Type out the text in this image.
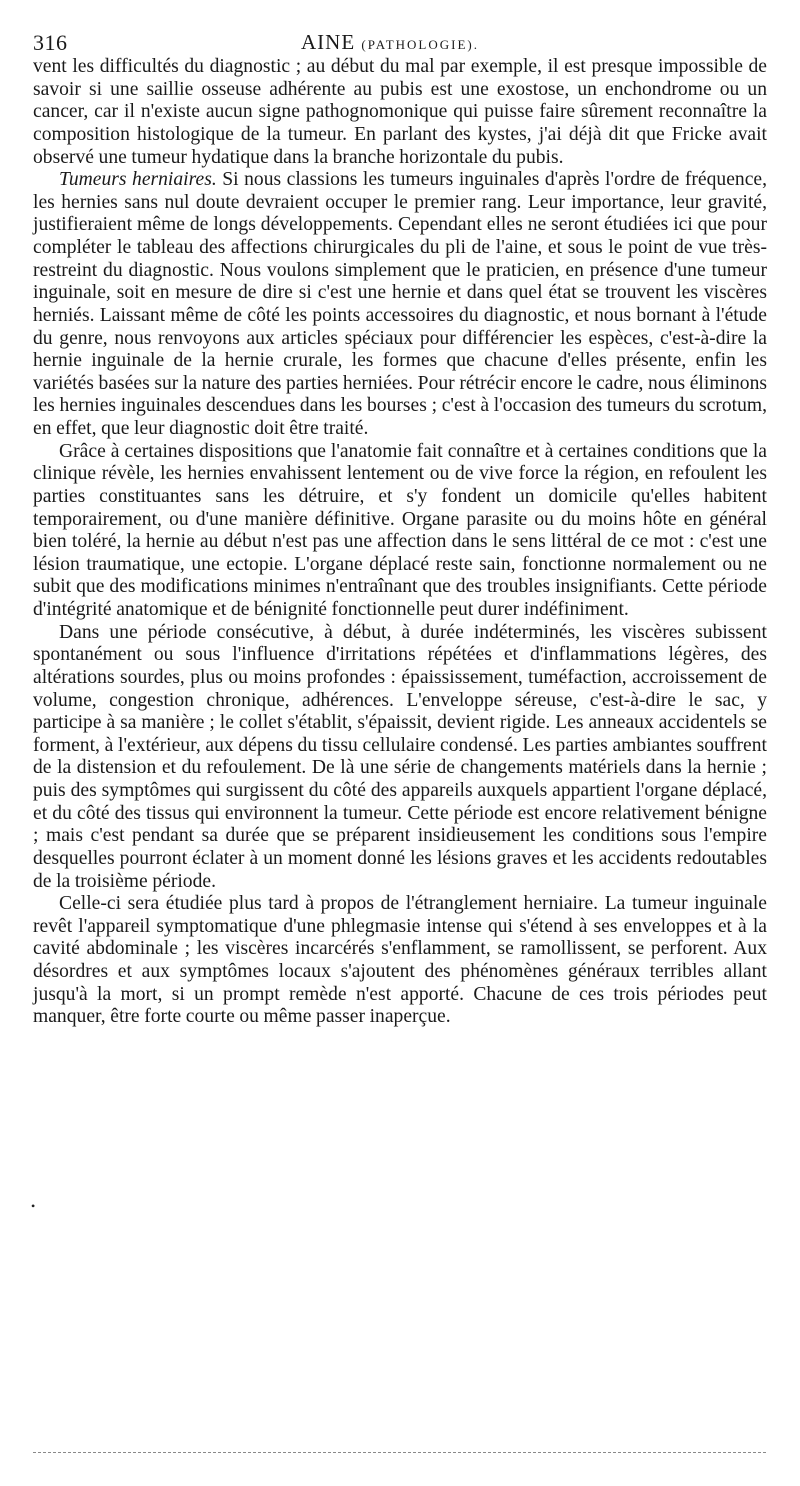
316	AINE (PATHOLOGIE).

vent les difficultés du diagnostic ; au début du mal par exemple, il est presque impossible de savoir si une saillie osseuse adhérente au pubis est une exostose, un enchondrome ou un cancer, car il n'existe aucun signe pathognomonique qui puisse faire sûrement reconnaître la composition histologique de la tumeur. En parlant des kystes, j'ai déjà dit que Fricke avait observé une tumeur hydatique dans la branche horizontale du pubis.

Tumeurs herniaires. Si nous classions les tumeurs inguinales d'après l'ordre de fréquence, les hernies sans nul doute devraient occuper le premier rang. Leur importance, leur gravité, justifieraient même de longs développements. Cependant elles ne seront étudiées ici que pour compléter le tableau des affections chirurgicales du pli de l'aine, et sous le point de vue très-restreint du diagnostic. Nous voulons simplement que le praticien, en présence d'une tumeur inguinale, soit en mesure de dire si c'est une hernie et dans quel état se trouvent les viscères herniés. Laissant même de côté les points accessoires du diagnostic, et nous bornant à l'étude du genre, nous renvoyons aux articles spéciaux pour différencier les espèces, c'est-à-dire la hernie inguinale de la hernie crurale, les formes que chacune d'elles présente, enfin les variétés basées sur la nature des parties herniées. Pour rétrécir encore le cadre, nous éliminons les hernies inguinales descendues dans les bourses ; c'est à l'occasion des tumeurs du scrotum, en effet, que leur diagnostic doit être traité.

Grâce à certaines dispositions que l'anatomie fait connaître et à certaines conditions que la clinique révèle, les hernies envahissent lentement ou de vive force la région, en refoulent les parties constituantes sans les détruire, et s'y fondent un domicile qu'elles habitent temporairement, ou d'une manière définitive. Organe parasite ou du moins hôte en général bien toléré, la hernie au début n'est pas une affection dans le sens littéral de ce mot : c'est une lésion traumatique, une ectopie. L'organe déplacé reste sain, fonctionne normalement ou ne subit que des modifications minimes n'entraînant que des troubles insignifiants. Cette période d'intégrité anatomique et de bénignité fonctionnelle peut durer indéfiniment.

Dans une période consécutive, à début, à durée indéterminés, les viscères subissent spontanément ou sous l'influence d'irritations répétées et d'inflammations légères, des altérations sourdes, plus ou moins profondes : épaississement, tuméfaction, accroissement de volume, congestion chronique, adhérences. L'enveloppe séreuse, c'est-à-dire le sac, y participe à sa manière ; le collet s'établit, s'épaissit, devient rigide. Les anneaux accidentels se forment, à l'extérieur, aux dépens du tissu cellulaire condensé. Les parties ambiantes souffrent de la distension et du refoulement. De là une série de changements matériels dans la hernie ; puis des symptômes qui surgissent du côté des appareils auxquels appartient l'organe déplacé, et du côté des tissus qui environnent la tumeur. Cette période est encore relativement bénigne ; mais c'est pendant sa durée que se préparent insidieusement les conditions sous l'empire desquelles pourront éclater à un moment donné les lésions graves et les accidents redoutables de la troisième période.

Celle-ci sera étudiée plus tard à propos de l'étranglement herniaire. La tumeur inguinale revêt l'appareil symptomatique d'une phlegmasie intense qui s'étend à ses enveloppes et à la cavité abdominale ; les viscères incarcérés s'enflamment, se ramollissent, se perforent. Aux désordres et aux symptômes locaux s'ajoutent des phénomènes généraux terribles allant jusqu'à la mort, si un prompt remède n'est apporté. Chacune de ces trois périodes peut manquer, être forte courte ou même passer inaperçue.

•
